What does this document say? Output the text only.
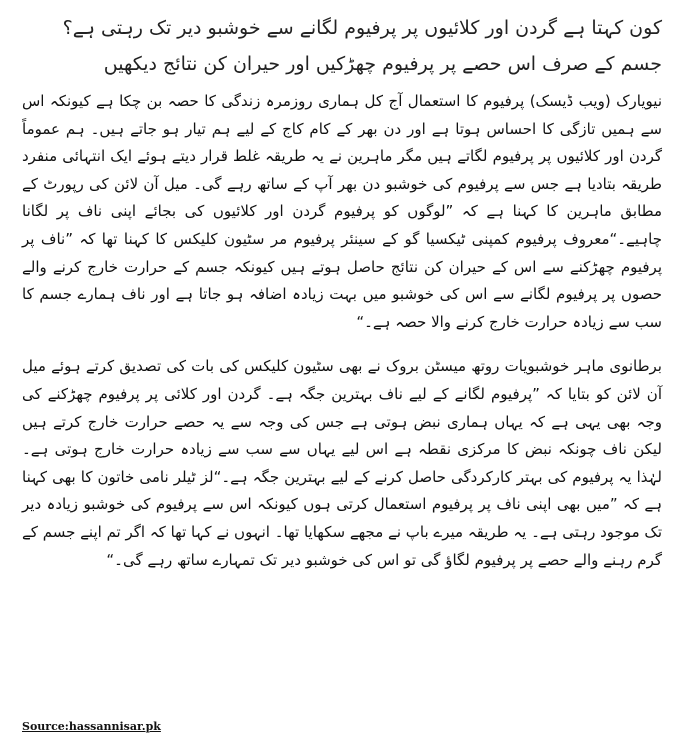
کون کہتا ہے گردن اور کلائیوں پر پرفیوم لگانے سے خوشبو دیر تک رہتی ہے؟ جسم کے صرف اس حصے پر پرفیوم چھڑکیں اور حیران کن نتائج دیکھیں

نیویارک (ویب ڈیسک) پرفیوم کا استعمال آج کل ہماری روزمرہ زندگی کا حصہ بن چکا ہے کیونکہ اس سے ہمیں تازگی کا احساس ہوتا ہے اور دن بھر کے کام کاج کے لیے ہم تیار ہو جاتے ہیں۔ ہم عموماً گردن اور کلائیوں پر پرفیوم لگاتے ہیں مگر ماہرین نے یہ طریقہ غلط قرار دیتے ہوئے ایک انتہائی منفرد طریقہ بتادیا ہے جس سے پرفیوم کی خوشبو دن بھر آپ کے ساتھ رہے گی۔ میل آن لائن کی رپورٹ کے مطابق ماہرین کا کہنا ہے کہ ”لوگوں کو پرفیوم گردن اور کلائیوں کی بجائے اپنی ناف پر لگانا چاہیے۔“معروف پرفیوم کمپنی ٹیکسیا گو کے سینئر پرفیوم مر سٹیون کلیکس کا کہنا تھا کہ ”ناف پر پرفیوم چھڑکنے سے اس کے حیران کن نتائج حاصل ہوتے ہیں کیونکہ جسم کے حرارت خارج کرنے والے حصوں پر پرفیوم لگانے سے اس کی خوشبو میں بہت زیادہ اضافہ ہو جاتا ہے اور ناف ہمارے جسم کا سب سے زیادہ حرارت خارج کرنے والا حصہ ہے۔“

برطانوی ماہر خوشبویات روتھ میسٹن بروک نے بھی سٹیون کلیکس کی بات کی تصدیق کرتے ہوئے میل آن لائن کو بتایا کہ ”پرفیوم لگانے کے لیے ناف بہترین جگہ ہے۔ گردن اور کلائی پر پرفیوم چھڑکنے کی وجہ بھی یہی ہے کہ یہاں ہماری نبض ہوتی ہے جس کی وجہ سے یہ حصے حرارت خارج کرتے ہیں لیکن ناف چونکہ نبض کا مرکزی نقطہ ہے اس لیے یہاں سے سب سے زیادہ حرارت خارج ہوتی ہے۔ لہٰذا یہ پرفیوم کی بہتر کارکردگی حاصل کرنے کے لیے بہترین جگہ ہے۔“لز ٹیلر نامی خاتون کا بھی کہنا ہے کہ ”میں بھی اپنی ناف پر پرفیوم استعمال کرتی ہوں کیونکہ اس سے پرفیوم کی خوشبو زیادہ دیر تک موجود رہتی ہے۔ یہ طریقہ میرے باپ نے مجھے سکھایا تھا۔ انہوں نے کہا تھا کہ اگر تم اپنے جسم کے گرم رہنے والے حصے پر پرفیوم لگاؤ گی تو اس کی خوشبو دیر تک تمہارے ساتھ رہے گی۔“

Source:hassannisar.pk
